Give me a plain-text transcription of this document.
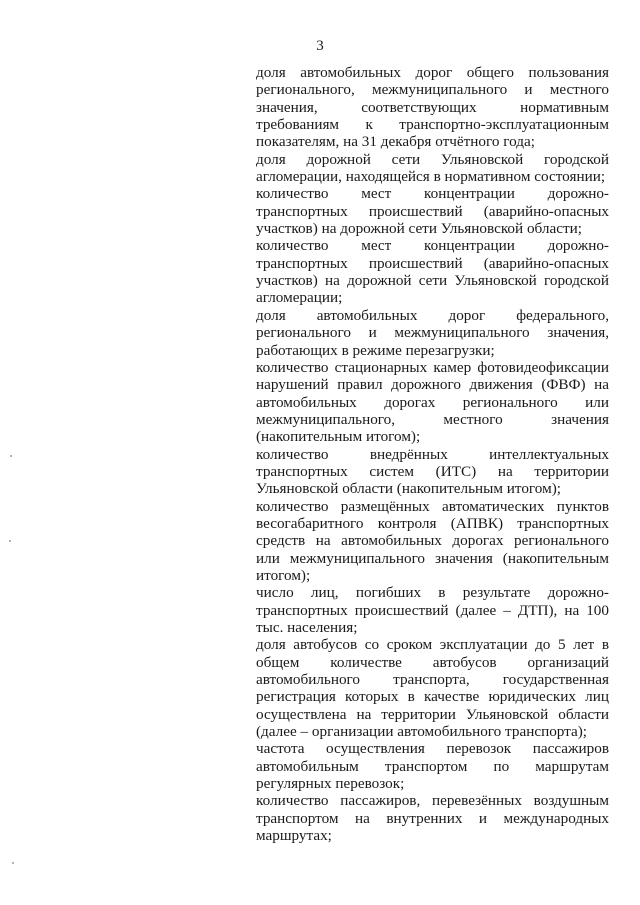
3

доля автомобильных дорог общего пользования регионального, межмуниципального и местного значения, соответствующих нормативным требованиям к транспортно-эксплуатационным показателям, на 31 декабря отчётного года;

доля дорожной сети Ульяновской городской агломерации, находящейся в нормативном состоянии;

количество мест концентрации дорожно-транспортных происшествий (аварийно-опасных участков) на дорожной сети Ульяновской области;

количество мест концентрации дорожно-транспортных происшествий (аварийно-опасных участков) на дорожной сети Ульяновской городской агломерации;

доля автомобильных дорог федерального, регионального и межмуниципального значения, работающих в режиме перезагрузки;

количество стационарных камер фотовидеофиксации нарушений правил дорожного движения (ФВФ) на автомобильных дорогах регионального или межмуниципального, местного значения (накопительным итогом);

количество внедрённых интеллектуальных транспортных систем (ИТС) на территории Ульяновской области (накопительным итогом);

количество размещённых автоматических пунктов весогабаритного контроля (АПВК) транспортных средств на автомобильных дорогах регионального или межмуниципального значения (накопительным итогом);

число лиц, погибших в результате дорожно-транспортных происшествий (далее – ДТП), на 100 тыс. населения;

доля автобусов со сроком эксплуатации до 5 лет в общем количестве автобусов организаций автомобильного транспорта, государственная регистрация которых в качестве юридических лиц осуществлена на территории Ульяновской области (далее – организации автомобильного транспорта);

частота осуществления перевозок пассажиров автомобильным транспортом по маршрутам регулярных перевозок;

количество пассажиров, перевезённых воздушным транспортом на внутренних и международных маршрутах;
